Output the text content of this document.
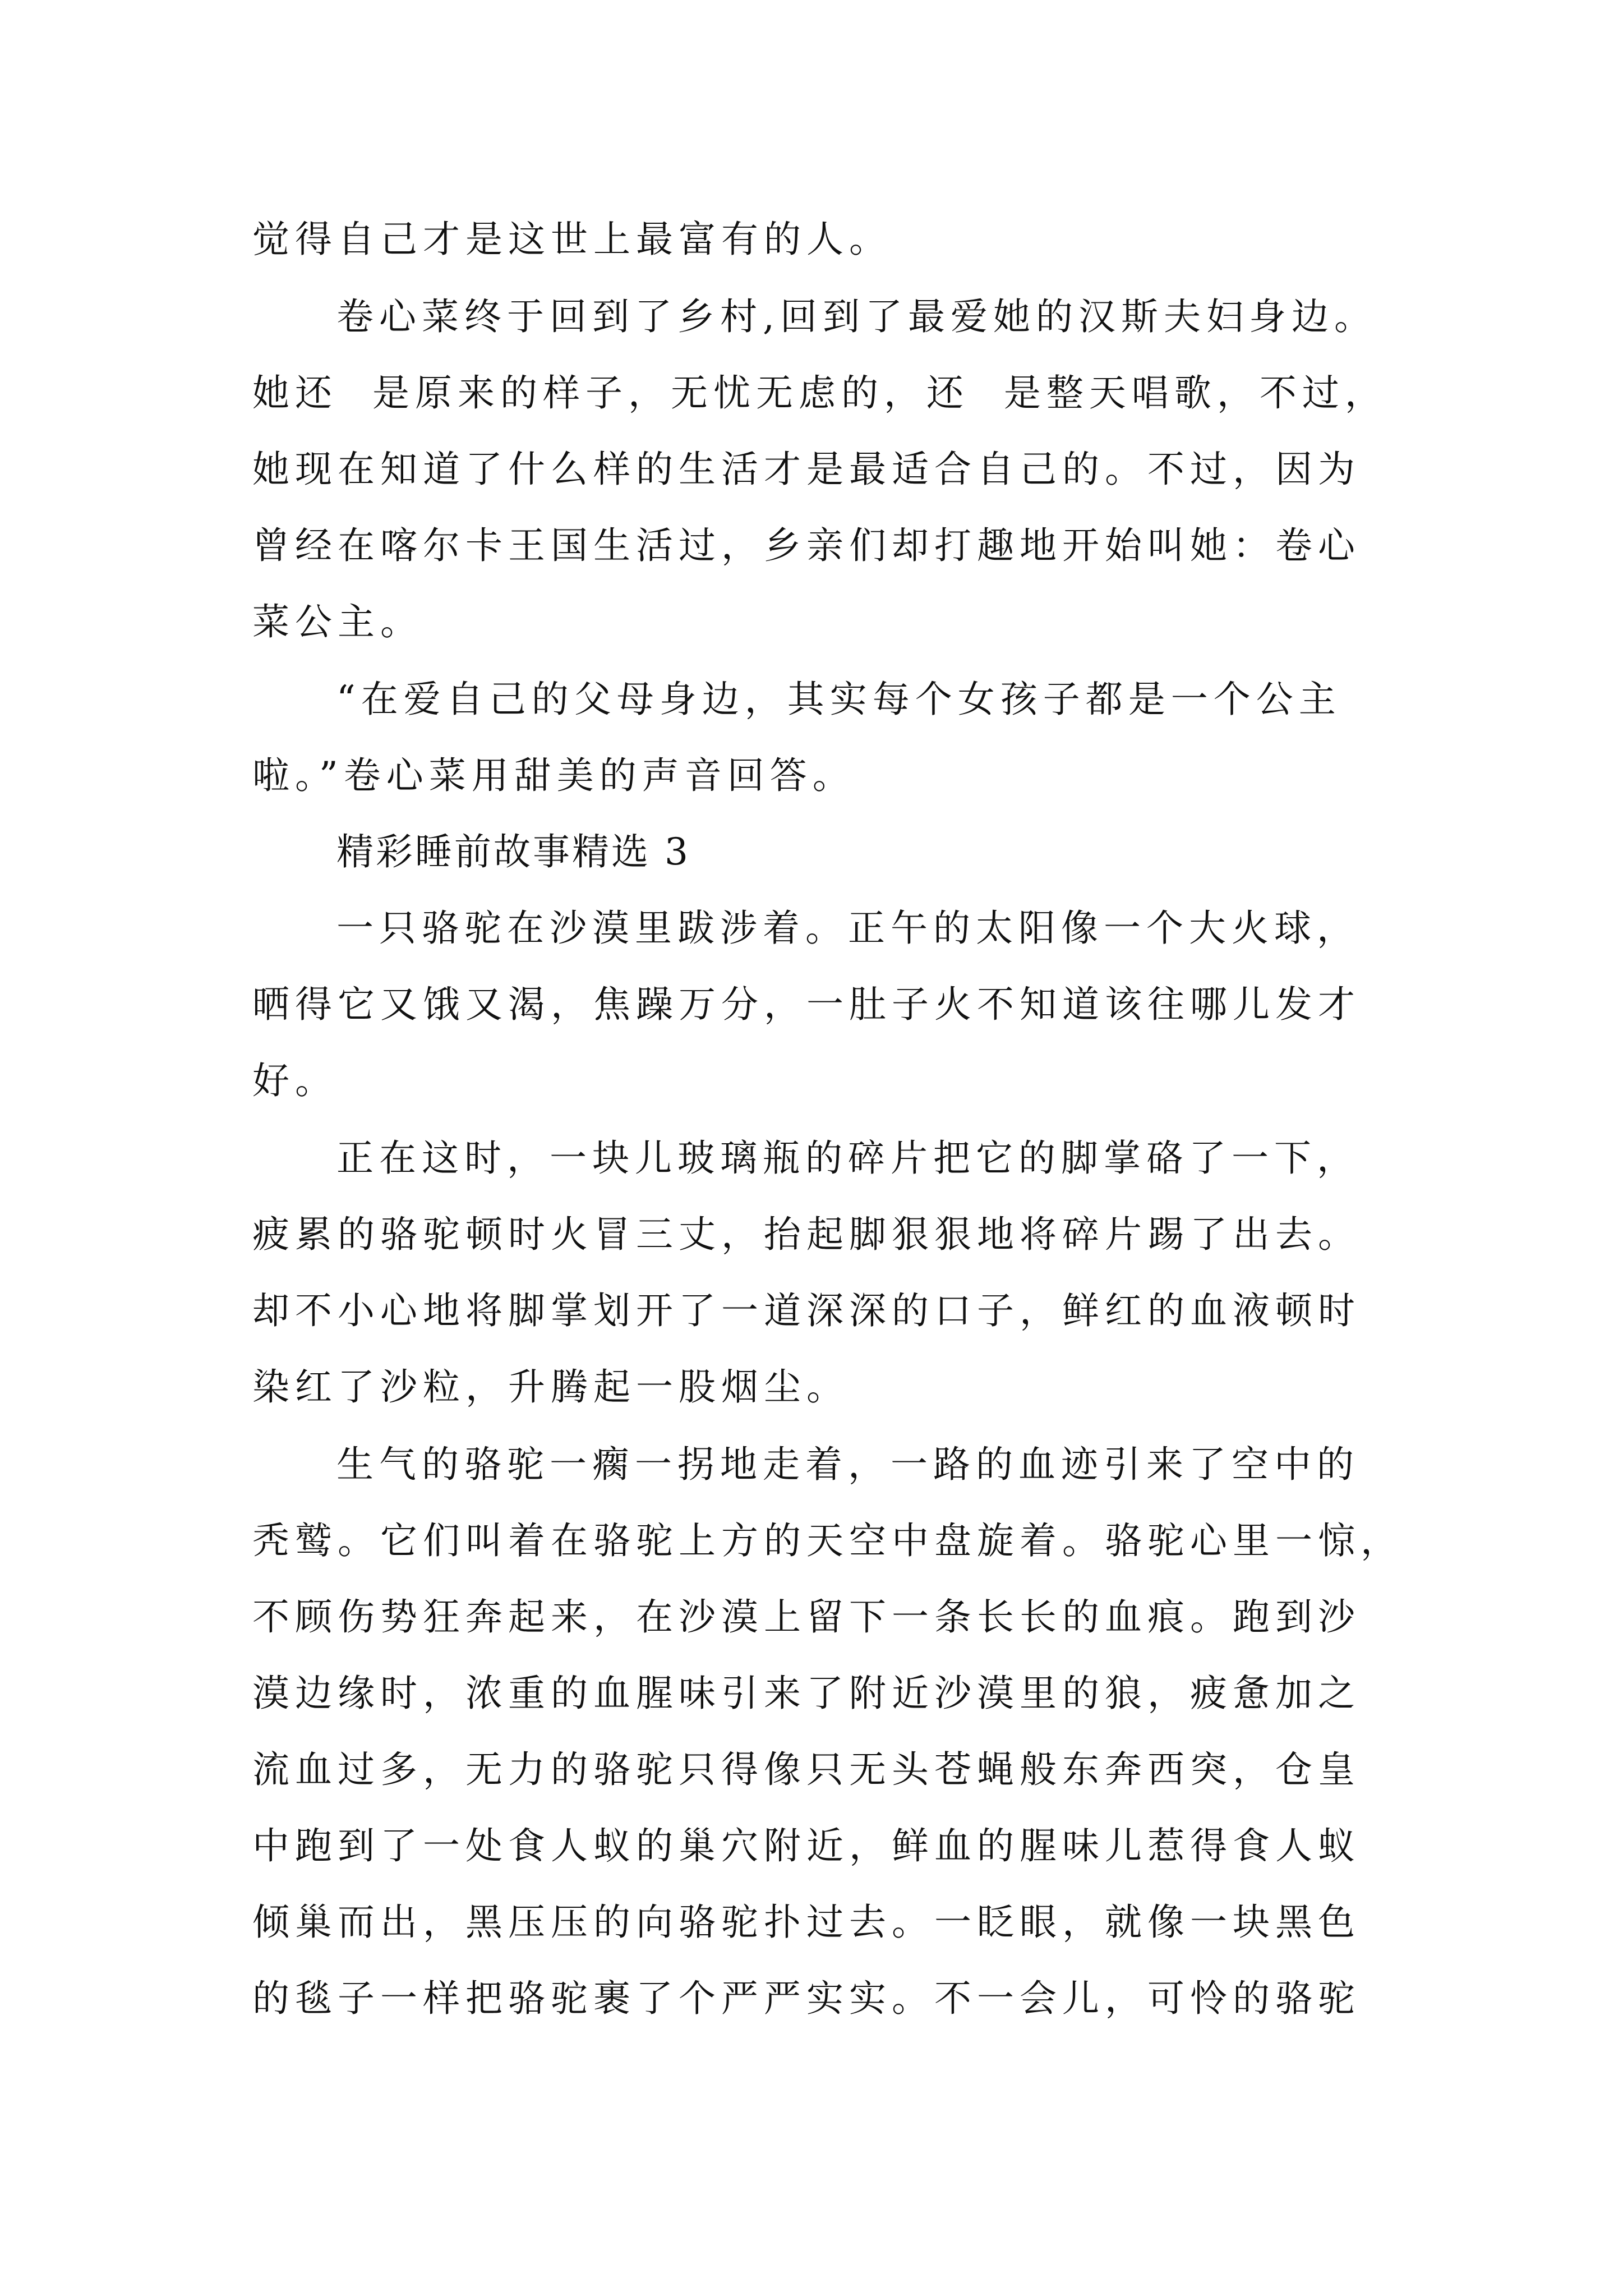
觉得自己才是这世上最富有的人。
卷心菜终于回到了乡村,回到了最爱她的汉斯夫妇身边。
她还  是原来的样子，无忧无虑的，还  是整天唱歌，不过，
她现在知道了什么样的生活才是最适合自己的。不过，因为
曾经在喀尔卡王国生活过，乡亲们却打趣地开始叫她：卷心
菜公主。
“在爱自己的父母身边，其实每个女孩子都是一个公主
啦。”卷心菜用甜美的声音回答。
精彩睡前故事精选 3
一只骆驼在沙漠里跋涉着。正午的太阳像一个大火球，
晒得它又饿又渴，焦躁万分，一肚子火不知道该往哪儿发才
好。
正在这时，一块儿玻璃瓶的碎片把它的脚掌硌了一下，
疲累的骆驼顿时火冒三丈，抬起脚狠狠地将碎片踢了出去。
却不小心地将脚掌划开了一道深深的口子，鲜红的血液顿时
染红了沙粒，升腾起一股烟尘。
生气的骆驼一瘸一拐地走着，一路的血迹引来了空中的
秃鹫。它们叫着在骆驼上方的天空中盘旋着。骆驼心里一惊，
不顾伤势狂奔起来，在沙漠上留下一条长长的血痕。跑到沙
漠边缘时，浓重的血腥味引来了附近沙漠里的狼，疲惫加之
流血过多，无力的骆驼只得像只无头苍蝇般东奔西突，仓皇
中跑到了一处食人蚁的巢穴附近，鲜血的腥味儿惹得食人蚁
倾巢而出，黑压压的向骆驼扑过去。一眨眼，就像一块黑色
的毯子一样把骆驼裹了个严严实实。不一会儿，可怜的骆驼
